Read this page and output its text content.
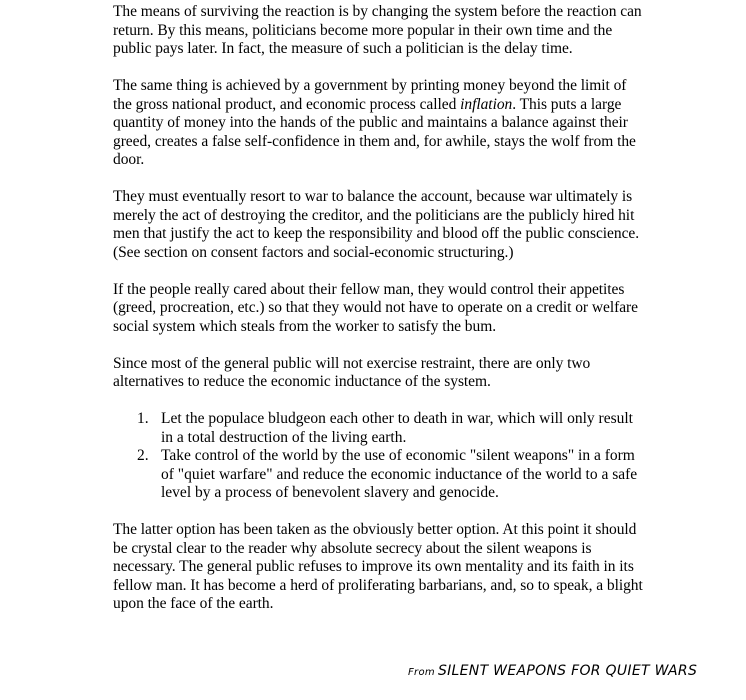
The means of surviving the reaction is by changing the system before the reaction can return. By this means, politicians become more popular in their own time and the public pays later. In fact, the measure of such a politician is the delay time.

The same thing is achieved by a government by printing money beyond the limit of the gross national product, and economic process called inflation. This puts a large quantity of money into the hands of the public and maintains a balance against their greed, creates a false self-confidence in them and, for awhile, stays the wolf from the door.

They must eventually resort to war to balance the account, because war ultimately is merely the act of destroying the creditor, and the politicians are the publicly hired hit men that justify the act to keep the responsibility and blood off the public conscience. (See section on consent factors and social-economic structuring.)

If the people really cared about their fellow man, they would control their appetites (greed, procreation, etc.) so that they would not have to operate on a credit or welfare social system which steals from the worker to satisfy the bum.

Since most of the general public will not exercise restraint, there are only two alternatives to reduce the economic inductance of the system.

1. Let the populace bludgeon each other to death in war, which will only result in a total destruction of the living earth.
2. Take control of the world by the use of economic "silent weapons" in a form of "quiet warfare" and reduce the economic inductance of the world to a safe level by a process of benevolent slavery and genocide.

The latter option has been taken as the obviously better option. At this point it should be crystal clear to the reader why absolute secrecy about the silent weapons is necessary. The general public refuses to improve its own mentality and its faith in its fellow man. It has become a herd of proliferating barbarians, and, so to speak, a blight upon the face of the earth.

From SILENT WEAPONS FOR QUIET WARS
